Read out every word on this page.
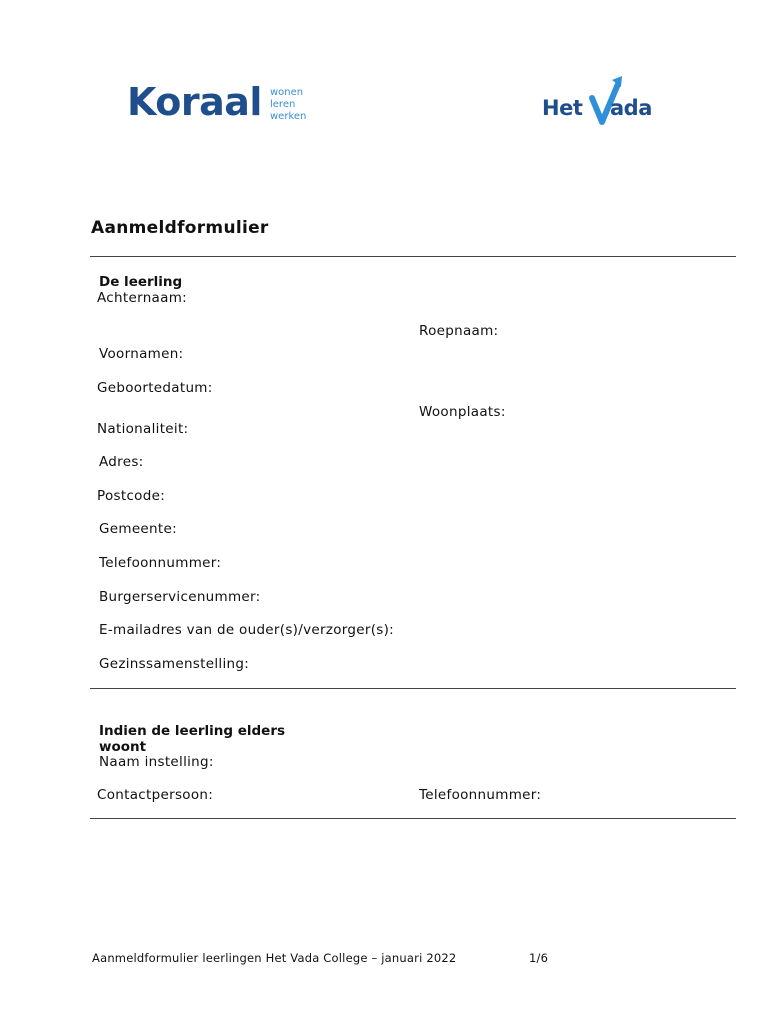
Koraal wonen
leren
werken	Het ada
Aanmeldformulier
De leerling
Achternaam:
Roepnaam:
Voornamen:
Geboortedatum:
Woonplaats:
Nationaliteit:
Adres:
Postcode:
Gemeente:
Telefoonnummer:
Burgerservicenummer:
E-mailadres van de ouder(s)/verzorger(s):
Gezinssamenstelling:
Indien de leerling elders
woont
Naam instelling:
Contactpersoon:	Telefoonnummer:
Aanmeldformulier leerlingen Het Vada College – januari 2022	1/6
